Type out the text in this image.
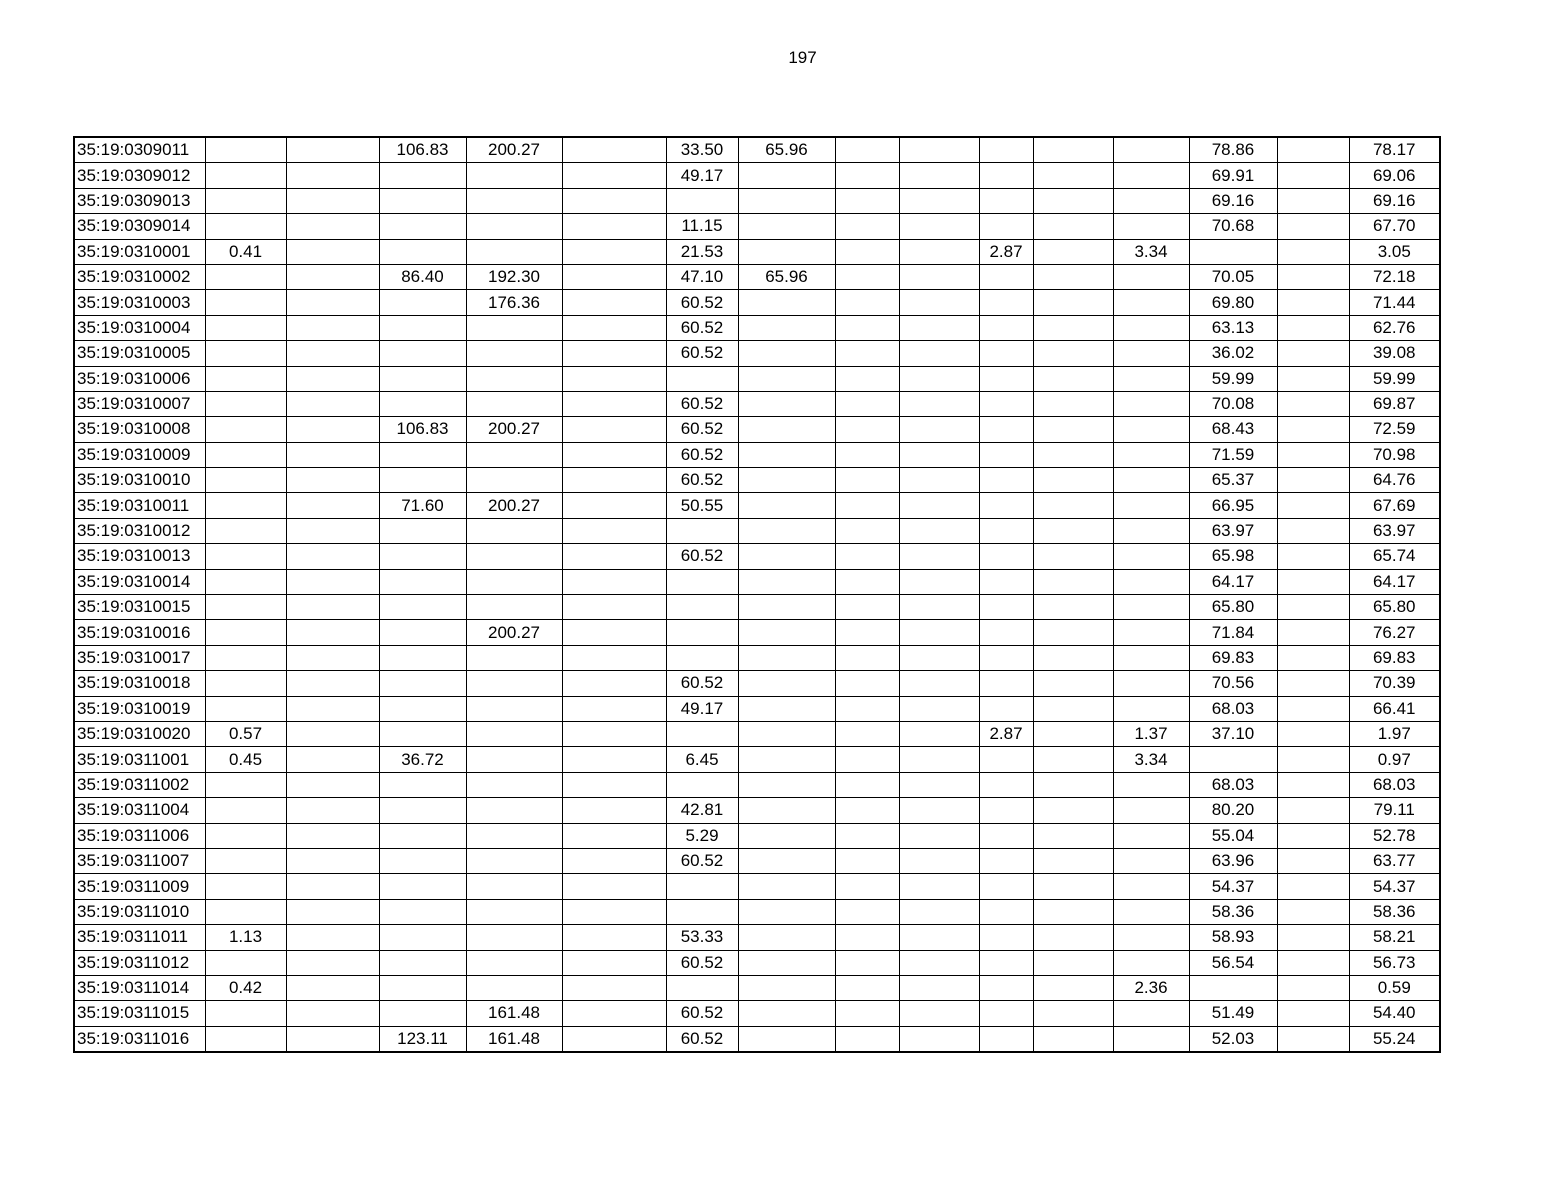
197
35:19:0309011			106.83	200.27		33.50	65.96						78.86		78.17
35:19:0309012						49.17							69.91		69.06
35:19:0309013													69.16		69.16
35:19:0309014						11.15							70.68		67.70
35:19:0310001	0.41					21.53				2.87		3.34			3.05
35:19:0310002			86.40	192.30		47.10	65.96						70.05		72.18
35:19:0310003				176.36		60.52							69.80		71.44
35:19:0310004						60.52							63.13		62.76
35:19:0310005						60.52							36.02		39.08
35:19:0310006													59.99		59.99
35:19:0310007						60.52							70.08		69.87
35:19:0310008			106.83	200.27		60.52							68.43		72.59
35:19:0310009						60.52							71.59		70.98
35:19:0310010						60.52							65.37		64.76
35:19:0310011			71.60	200.27		50.55							66.95		67.69
35:19:0310012													63.97		63.97
35:19:0310013						60.52							65.98		65.74
35:19:0310014													64.17		64.17
35:19:0310015													65.80		65.80
35:19:0310016				200.27									71.84		76.27
35:19:0310017													69.83		69.83
35:19:0310018						60.52							70.56		70.39
35:19:0310019						49.17							68.03		66.41
35:19:0310020	0.57									2.87		1.37	37.10		1.97
35:19:0311001	0.45		36.72			6.45						3.34			0.97
35:19:0311002													68.03		68.03
35:19:0311004						42.81							80.20		79.11
35:19:0311006						5.29							55.04		52.78
35:19:0311007						60.52							63.96		63.77
35:19:0311009													54.37		54.37
35:19:0311010													58.36		58.36
35:19:0311011	1.13					53.33							58.93		58.21
35:19:0311012						60.52							56.54		56.73
35:19:0311014	0.42											2.36			0.59
35:19:0311015				161.48		60.52							51.49		54.40
35:19:0311016			123.11	161.48		60.52							52.03		55.24
